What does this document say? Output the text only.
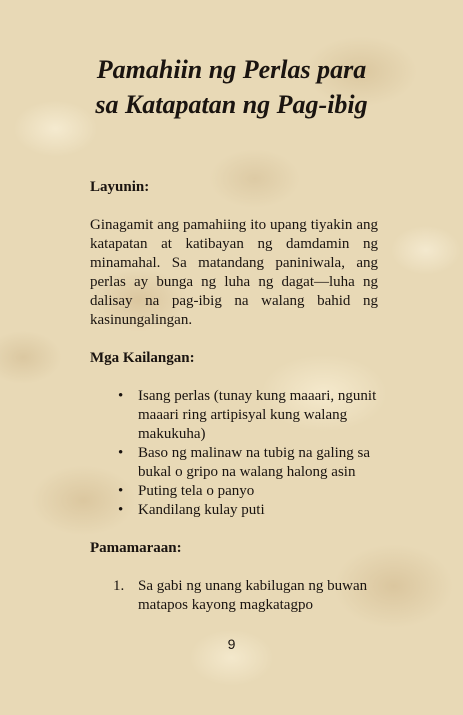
Pamahiin ng Perlas para
sa Katapatan ng Pag-ibig
Layunin:

Ginagamit ang pamahiing ito upang tiyakin ang katapatan at katibayan ng damdamin ng minamahal. Sa matandang paniniwala, ang perlas ay bunga ng luha ng dagat—luha ng dalisay na pag-ibig na walang bahid ng kasinungalingan.

Mga Kailangan:
• Isang perlas (tunay kung maaari, ngunit maaari ring artipisyal kung walang makukuha)
• Baso ng malinaw na tubig na galing sa bukal o gripo na walang halong asin
• Puting tela o panyo
• Kandilang kulay puti
Pamamaraan:
1. Sa gabi ng unang kabilugan ng buwan matapos kayong magkatagpo
9
